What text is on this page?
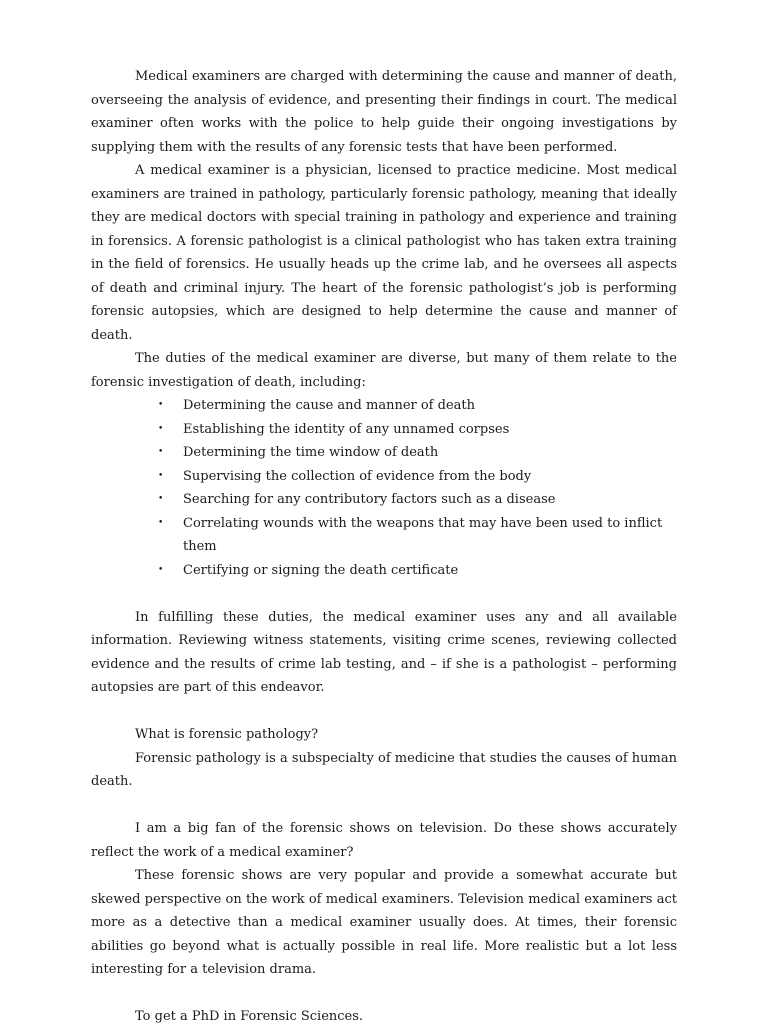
Medical examiners are charged with determining the cause and manner of death, overseeing the analysis of evidence, and presenting their findings in court. The medical examiner often works with the police to help guide their ongoing investigations by supplying them with the results of any forensic tests that have been performed.

A medical examiner is a physician, licensed to practice medicine. Most medical examiners are trained in pathology, particularly forensic pathology, meaning that ideally they are medical doctors with special training in pathology and experience and training in forensics. A forensic pathologist is a clinical pathologist who has taken extra training in the field of forensics. He usually heads up the crime lab, and he oversees all aspects of death and criminal injury. The heart of the forensic pathologist’s job is performing forensic autopsies, which are designed to help determine the cause and manner of death.

The duties of the medical examiner are diverse, but many of them relate to the forensic investigation of death, including:

• Determining the cause and manner of death
• Establishing the identity of any unnamed corpses
• Determining the time window of death
• Supervising the collection of evidence from the body
• Searching for any contributory factors such as a disease
• Correlating wounds with the weapons that may have been used to inflict them
• Certifying or signing the death certificate

In fulfilling these duties, the medical examiner uses any and all available information. Reviewing witness statements, visiting crime scenes, reviewing collected evidence and the results of crime lab testing, and – if she is a pathologist – performing autopsies are part of this endeavor.

What is forensic pathology?

Forensic pathology is a subspecialty of medicine that studies the causes of human death.

I am a big fan of the forensic shows on television. Do these shows accurately reflect the work of a medical examiner?

These forensic shows are very popular and provide a somewhat accurate but skewed perspective on the work of medical examiners. Television medical examiners act more as a detective than a medical examiner usually does. At times, their forensic abilities go beyond what is actually possible in real life. More realistic but a lot less interesting for a television drama.

To get a PhD in Forensic Sciences.
